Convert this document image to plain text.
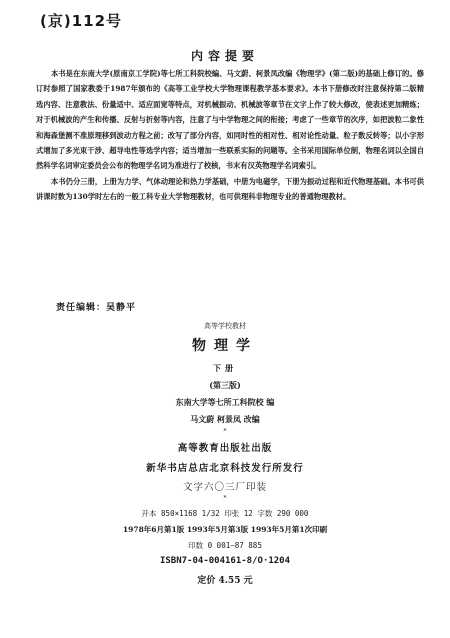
(京)112号
内容提要

本书是在东南大学(原南京工学院)等七所工科院校编、马文蔚、柯景凤改编《物理学》(第二版)的基础上修订的。修订时参照了国家教委于1987年颁布的《高等工业学校大学物理课程教学基本要求》。本书下册修改时注意保持第二版精选内容、注意教法、份量适中、适应面宽等特点，对机械振动、机械波等章节在文字上作了较大修改，使表述更加精炼；对于机械波的产生和传播、反射与折射等内容，注意了与中学物理之间的衔接；考虑了一些章节的次序，如把波粒二象性和海森堡测不准原理移到波动方程之前；改写了部分内容，如同时性的相对性、相对论性动量、粒子数反转等；以小字形式增加了多光束干涉、超导电性等选学内容；适当增加一些联系实际的问题等。全书采用国际单位制，物理名词以全国自然科学名词审定委员会公布的物理学名词为准进行了校核，书末有汉英物理学名词索引。

本书仍分三册，上册为力学、气体动理论和热力学基础，中册为电磁学，下册为振动过程和近代物理基础。本书可供讲课时数为130学时左右的一般工科专业大学物理教材，也可供理科非物理专业的普通物理教材。

责任编辑：吴静平
高等学校教材
物理学
下册
(第三版)
东南大学等七所工科院校 编
马文蔚 柯景凤 改编
*
高等教育出版社出版
新华书店总店北京科技发行所发行
文字六〇三厂印装
*
开本 850×1168 1/32 印张 12 字数 290 000
1978年6月第1版 1993年5月第3版 1993年5月第1次印刷
印数 0 001—87 885
ISBN7-04-004161-8/O·1204
定价 4.55 元
